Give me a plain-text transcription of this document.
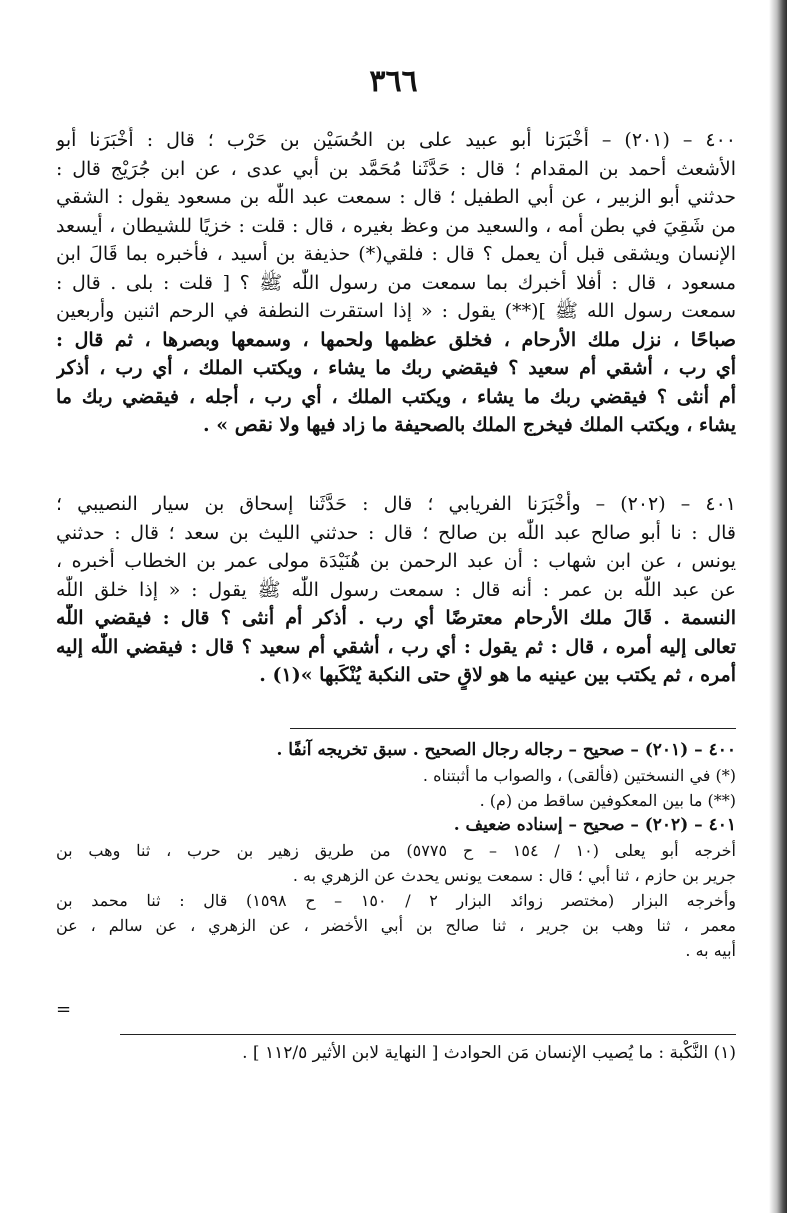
٣٦٦
٤٠٠ – (٢٠١) – أَخْبَرَنا أبو عبيد على بن الحُسَيْن بن حَرْب ؛ قال : أَخْبَرَنا أبو
الأشعث أحمد بن المقدام ؛ قال : حَدَّثَنا مُحَمَّد بن أبي عدى ، عن ابن جُرَيْج قال :
حدثني أبو الزبير ، عن أبي الطفيل ؛ قال : سمعت عبد اللّٰه بن مسعود يقول : الشقي
من شَقِيَ في بطن أمه ، والسعيد من وعظ بغيره ، قال : قلت : خزيًا للشيطان ، أيسعد
الإنسان ويشقى قبل أن يعمل ؟ قال : فلقي(*) حذيفة بن أُسيد ، فأخبره بما قَالَ ابن
مسعود ، قال : أفلا أخبرك بما سمعت من رسول اللّٰه ﷺ ؟ [ قلت : بلى . قال :
سمعت رسول الله ﷺ ](**) يقول : « إذا استقرت النطفة في الرحم اثنين وأربعين
صباحًا ، نزل ملك الأرحام ، فخلق عظمها ولحمها ، وسمعها وبصرها ، ثم قال :
أي رب ، أشقي أم سعيد ؟ فيقضي ربك ما يشاء ، ويكتب الملك ، أي رب ، أذكر
أم أنثى ؟ فيقضي ربك ما يشاء ، ويكتب الملك ، أي رب ، أجله ، فيقضي ربك ما
يشاء ، ويكتب الملك فيخرج الملك بالصحيفة ما زاد فيها ولا نقص » .
٤٠١ – (٢٠٢) – وأَخْبَرَنا الفريابي ؛ قال : حَدَّثَنا إسحاق بن سيار النصيبي ؛
قال : نا أبو صالح عبد اللّٰه بن صالح ؛ قال : حدثني الليث بن سعد ؛ قال : حدثني
يونس ، عن ابن شهاب : أن عبد الرحمن بن هُنَيْدَة مولى عمر بن الخطاب أخبره ،
عن عبد اللّٰه بن عمر : أنه قال : سمعت رسول اللّٰه ﷺ يقول : « إذا خلق اللّٰه
النسمة . قَالَ ملك الأرحام معترضًا أي رب . أذكر أم أنثى ؟ قال : فيقضي اللّٰه
تعالى إليه أمره ، قال : ثم يقول : أي رب ، أشقي أم سعيد ؟ قال : فيقضي اللّٰه إليه
أمره ، ثم يكتب بين عينيه ما هو لاقٍ حتى النكبة يُنْكَبها »(١) .
٤٠٠ – (٢٠١) – صحيح – رجاله رجال الصحيح . سبق تخريجه آنفًا .
(*) في النسختين (فألقى) ، والصواب ما أثبتناه .
(**) ما بين المعكوفين ساقط من (م) .
٤٠١ – (٢٠٢) – صحيح – إسناده ضعيف .
أخرجه أبو يعلى (١٠ / ١٥٤ – ح ٥٧٧٥) من طريق زهير بن حرب ، ثنا وهب بن
جرير بن حازم ، ثنا أبي ؛ قال : سمعت يونس يحدث عن الزهري به .
وأخرجه البزار (مختصر زوائد البزار ٢ / ١٥٠ – ح ١٥٩٨) قال : ثنا محمد بن
معمر ، ثنا وهب بن جرير ، ثنا صالح بن أبي الأخضر ، عن الزهري ، عن سالم ، عن
أبيه به .
=
(١) النَّكْبة : ما يُصيب الإنسان مَن الحوادث [ النهاية لابن الأثير ١١٢/٥ ] .
